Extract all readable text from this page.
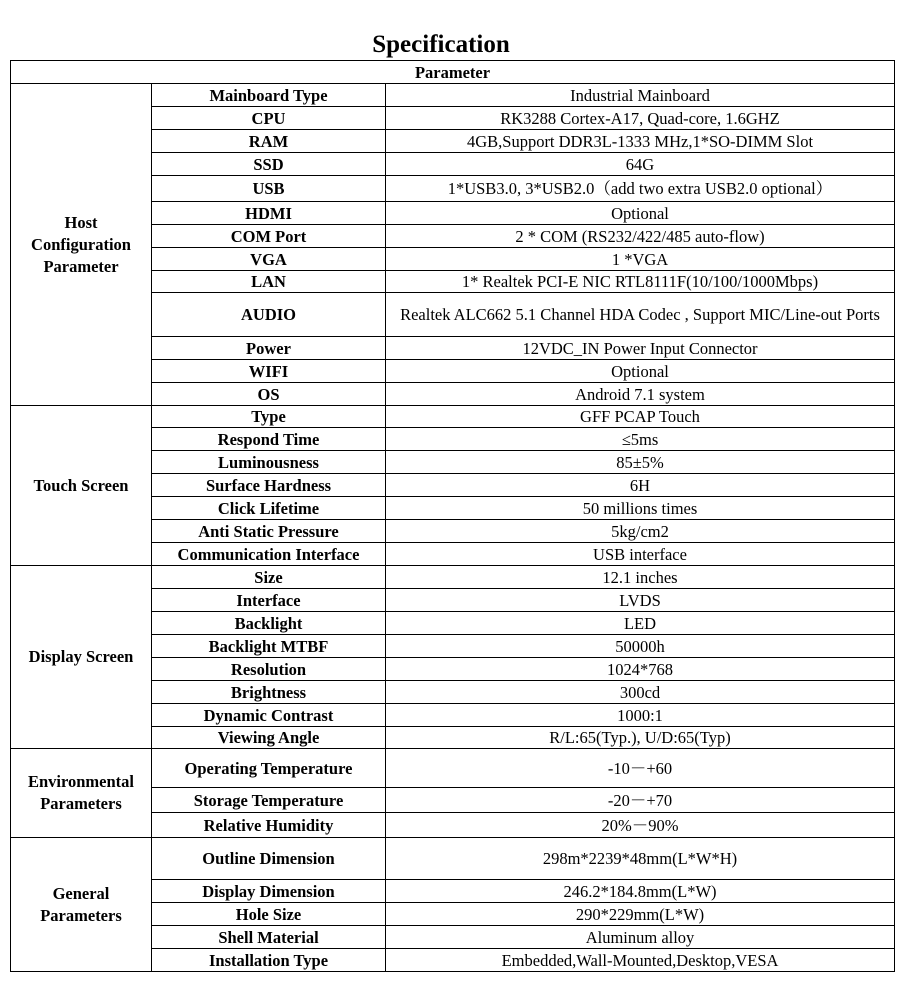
Specification
Parameter		
Host Configuration Parameter	Mainboard Type	Industrial Mainboard
	CPU	RK3288 Cortex-A17, Quad-core, 1.6GHZ
	RAM	4GB,Support DDR3L-1333 MHz,1*SO-DIMM Slot
	SSD	64G
	USB	1*USB3.0, 3*USB2.0（add two extra USB2.0 optional）
	HDMI	Optional
	COM Port	2 * COM (RS232/422/485 auto-flow)
	VGA	1 *VGA
	LAN	1* Realtek PCI-E NIC RTL8111F(10/100/1000Mbps)
	AUDIO	Realtek ALC662 5.1 Channel HDA Codec , Support MIC/Line-out Ports
	Power	12VDC_IN Power Input Connector
	WIFI	Optional
	OS	Android 7.1 system
Touch Screen	Type	GFF PCAP Touch
	Respond Time	≤5ms
	Luminousness	85±5%
	Surface Hardness	6H
	Click Lifetime	50 millions times
	Anti Static Pressure	5kg/cm2
	Communication Interface	USB interface
Display Screen	Size	12.1 inches
	Interface	LVDS
	Backlight	LED
	Backlight MTBF	50000h
	Resolution	1024*768
	Brightness	300cd
	Dynamic Contrast	1000:1
	Viewing Angle	R/L:65(Typ.), U/D:65(Typ)
Environmental Parameters	Operating Temperature	-10－+60
	Storage Temperature	-20－+70
	Relative Humidity	20%－90%
General Parameters	Outline Dimension	298m*2239*48mm(L*W*H)
	Display Dimension	246.2*184.8mm(L*W)
	Hole Size	290*229mm(L*W)
	Shell Material	Aluminum alloy
	Installation Type	Embedded,Wall-Mounted,Desktop,VESA
